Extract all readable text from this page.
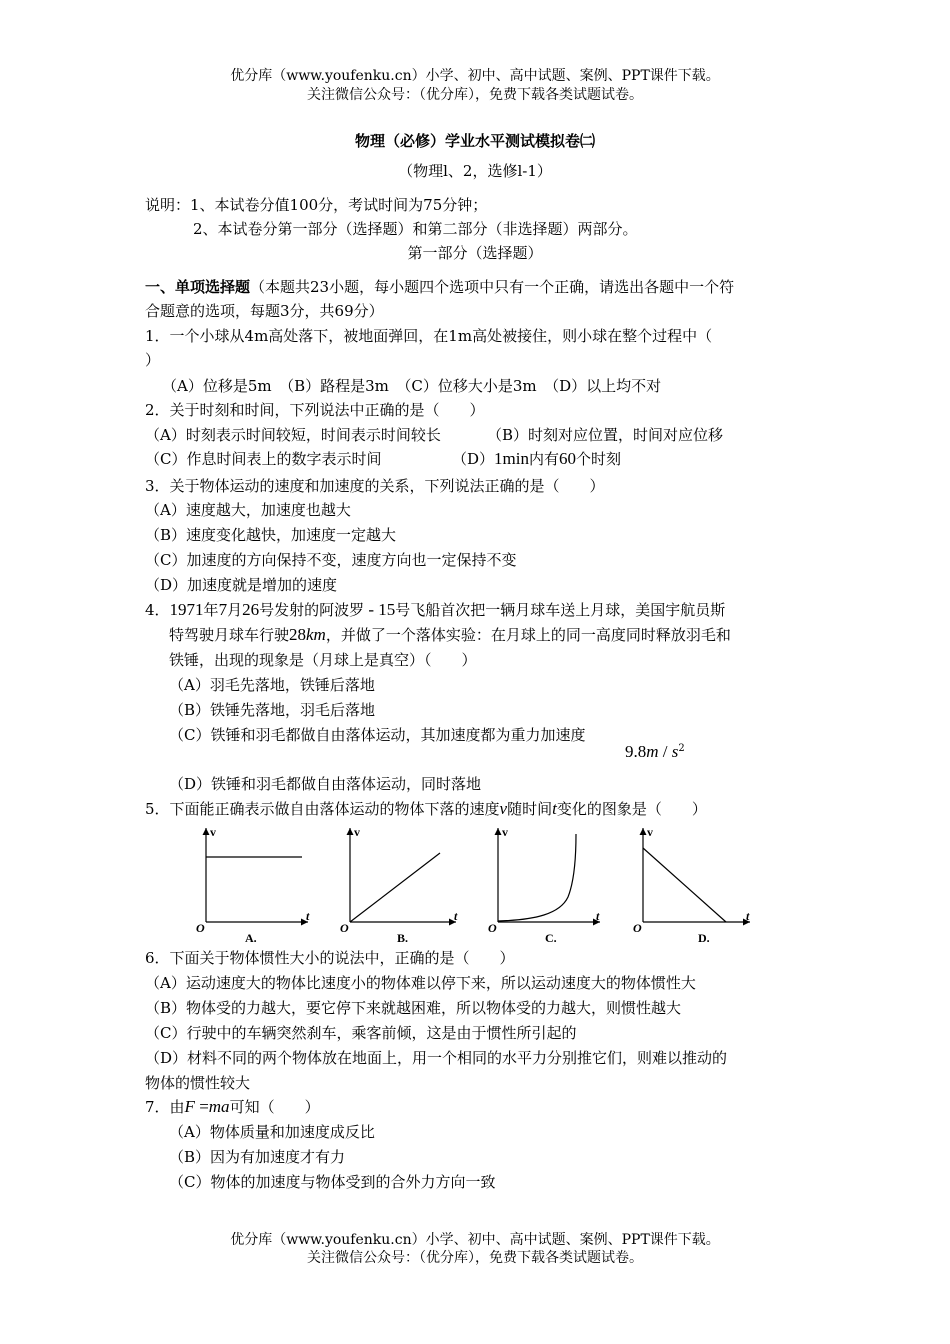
优分库（www.youfenku.cn）小学、初中、高中试题、案例、PPT课件下载。
关注微信公众号：（优分库），免费下载各类试题试卷。
物理（必修）学业水平测试模拟卷㈡
（物理l、2，选修l-1）
说明：1、本试卷分值100分，考试时间为75分钟；
2、本试卷分第一部分（选择题）和第二部分（非选择题）两部分。
第一部分（选择题）
一、单项选择题（本题共23小题，每小题四个选项中只有一个正确，请选出各题中一个符
合题意的选项，每题3分，共69分）
1．一个小球从4m高处落下，被地面弹回，在1m高处被接住，则小球在整个过程中（
）
（A）位移是5m　（B）路程是3m　（C）位移大小是3m　（D）以上均不对
2．关于时刻和时间，下列说法中正确的是（　　）
（A）时刻表示时间较短，时间表示时间较长	（B）时刻对应位置，时间对应位移
（C）作息时间表上的数字表示时间	（D）1min内有60个时刻
3．关于物体运动的速度和加速度的关系，下列说法正确的是（　　）
（A）速度越大，加速度也越大
（B）速度变化越快，加速度一定越大
（C）加速度的方向保持不变，速度方向也一定保持不变
（D）加速度就是增加的速度
4．1971年7月26号发射的阿波罗 - 15号飞船首次把一辆月球车送上月球，美国宇航员斯
特驾驶月球车行驶28km，并做了一个落体实验：在月球上的同一高度同时释放羽毛和
铁锤，出现的现象是（月球上是真空）（　　）
（A）羽毛先落地，铁锤后落地
（B）铁锤先落地，羽毛后落地
（C）铁锤和羽毛都做自由落体运动，其加速度都为重力加速度
$9.8m / s^2$
（D）铁锤和羽毛都做自由落体运动，同时落地
5．下面能正确表示做自由落体运动的物体下落的速度v随时间t变化的图象是（　　）
v
t
O
A.
v
t
O
B.
v
t
O
C.
v
t
O
D.
6．下面关于物体惯性大小的说法中，正确的是（　　）
（A）运动速度大的物体比速度小的物体难以停下来，所以运动速度大的物体惯性大
（B）物体受的力越大，要它停下来就越困难，所以物体受的力越大，则惯性越大
（C）行驶中的车辆突然刹车，乘客前倾，这是由于惯性所引起的
（D）材料不同的两个物体放在地面上，用一个相同的水平力分别推它们，则难以推动的
物体的惯性较大
7．由F =ma可知（　　）
（A）物体质量和加速度成反比
（B）因为有加速度才有力
（C）物体的加速度与物体受到的合外力方向一致
优分库（www.youfenku.cn）小学、初中、高中试题、案例、PPT课件下载。
关注微信公众号：（优分库），免费下载各类试题试卷。
